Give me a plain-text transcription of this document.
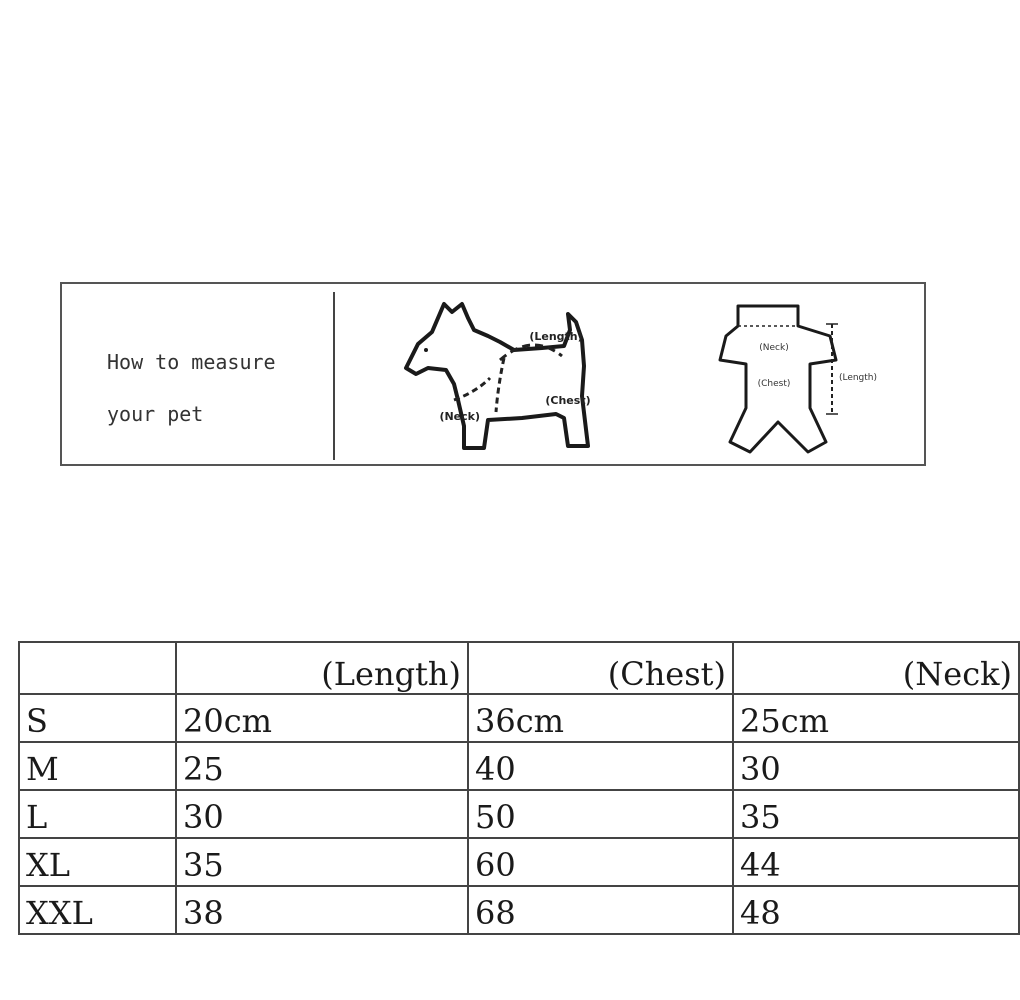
How to measure
your pet
(Length)
(Chest)
(Neck)
(Neck)
(Chest)
(Length)
	(Length)	(Chest)	(Neck)
S	20cm	36cm	25cm
M	25	40	30
L	30	50	35
XL	35	60	44
XXL	38	68	48
